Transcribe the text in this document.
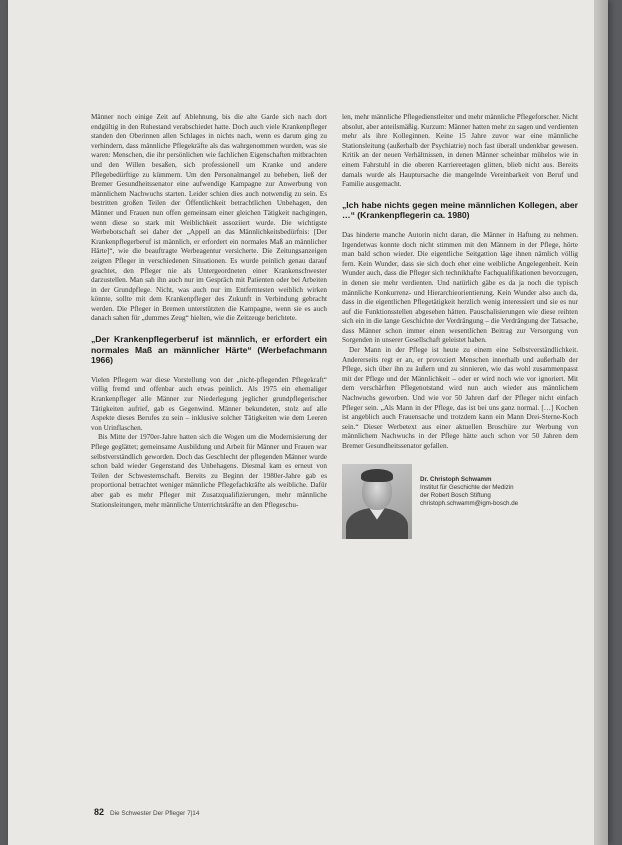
Männer noch einige Zeit auf Ablehnung, bis die alte Garde sich nach dort endgültig in den Ruhestand verabschiedet hatte. Doch auch viele Krankenpfleger standen den Oberinnen allen Schlages in nichts nach, wenn es darum ging zu verhindern, dass männliche Pflegekräfte als das wahrgenommen wurden, was sie waren: Menschen, die ihr persönlichen wie fachlichen Eigenschaften mitbrachten und den Willen besaßen, sich professionell um Kranke und andere Pflegebedürftige zu kümmern. Um den Personalmangel zu beheben, ließ der Bremer Gesundheitssenator eine aufwendige Kampagne zur Anwerbung von männlichem Nachwuchs starten. Leider schien dies auch notwendig zu sein. Es bestritten großen Teilen der Öffentlichkeit betrachtlichen Unbehagen, den Männer und Frauen nun offen gemeinsam einer gleichen Tätigkeit nachgingen, wenn diese so stark mit Weiblichkeit assoziiert wurde. Die wichtigste Werbebotschaft sei daher der „Appell an das Männlichkeitsbedürfnis: [Der Krankenpflegerberuf ist männlich, er erfordert ein normales Maß an männlicher Härte]“, wie die beauftragte Werbeagentur versicherte. Die Zeitungsanzeigen zeigten Pfleger in verschiedenen Situationen. Es wurde peinlich genau darauf geachtet, den Pfleger nie als Untergeordneten einer Krankenschwester darzustellen. Man sah ihn auch nur im Gespräch mit Patienten oder bei Arbeiten in der Grundpflege. Nicht, was auch nur im Entferntesten weiblich wirken könnte, sollte mit dem Krankenpfleger des Zukunft in Verbindung gebracht werden. Die Pfleger in Bremen unterstützten die Kampagne, wenn sie es auch danach sahen für „dummes Zeug“ hielten, wie die Zeitzeuge berichtete.

„Der Krankenpflegerberuf ist männlich, er erfordert ein normales Maß an männlicher Härte“ (Werbefachmann 1966)

Vielen Pflegern war diese Vorstellung von der „nicht-pflegenden Pflegekraft“ völlig fremd und offenbar auch etwas peinlich. Als 1975 ein ehemaliger Krankenpfleger alle Männer zur Niederlegung jeglicher grundpflegerischer Tätigkeiten aufrief, gab es Gegenwind. Männer bekundeten, stolz auf alle Aspekte dieses Berufes zu sein – inklusive solcher Tätigkeiten wie dem Leeren von Urinflaschen.

Bis Mitte der 1970er-Jahre hatten sich die Wogen um die Modernisierung der Pflege geglättet; gemeinsame Ausbildung und Arbeit für Männer und Frauen war selbstverständlich geworden. Doch das Geschlecht der pflegenden Männer wurde schon bald wieder Gegenstand des Unbehagens. Diesmal kam es erneut von Teilen der Schwesternschaft. Bereits zu Beginn der 1980er-Jahre gab es proportional betrachtet weniger männliche Pflegefachkräfte als weibliche. Dafür aber gab es mehr Pfleger mit Zusatzqualifizierungen, mehr männliche Stationsleitungen, mehr männliche Unterrichtskräfte an den Pflegeschu-

len, mehr männliche Pflegedienstleiter und mehr männliche Pflegeforscher. Nicht absolut, aber anteilsmäßig. Kurzum: Männer hatten mehr zu sagen und verdienten mehr als ihre Kolleginnen. Keine 15 Jahre zuvor war eine männliche Stationsleitung (außerhalb der Psychiatrie) noch fast überall undenkbar gewesen. Kritik an der neuen Verhältnissen, in denen Männer scheinbar mühelos wie in einem Fahrstuhl in die oberen Karriereetagen glitten, blieb nicht aus. Bereits damals wurde als Hauptursache die mangelnde Vereinbarkeit von Beruf und Familie ausgemacht.

„Ich habe nichts gegen meine männlichen Kollegen, aber …“ (Krankenpflegerin ca. 1980)

Das hinderte manche Autorin nicht daran, die Männer in Haftung zu nehmen. Irgendetwas konnte doch nicht stimmen mit den Männern in der Pflege, hörte man bald schon wieder. Die eigentliche Seitgattion läge ihnen nämlich völlig fern. Kein Wunder, dass sie sich doch eher eine weibliche Angelegenheit. Kein Wunder auch, dass die Pfleger sich technikhafte Fachqualifikationen bevorzugen, in denen sie mehr verdienten. Und natürlich gäbe es da ja noch die typisch männliche Konkurrenz- und Hierarchieorientierung. Kein Wunder also auch da, dass in die eigentlichen Pflegetätigkeit herzlich wenig interessiert und sie es nur auf die Funktionsstellen abgesehen hätten. Pauschalisierungen wie diese reihten sich ein in die lange Geschichte der Verdrängung – die Verdrängung der Tatsache, dass Männer schon immer einen wesentlichen Beitrag zur Versorgung von Sorgenden in unserer Gesellschaft geleistet haben.

Der Mann in der Pflege ist heute zu einem eine Selbstverständlichkeit. Andererseits regt er an, er provoziert Menschen innerhalb und außerhalb der Pflege, sich über ihn zu äußern und zu sinnieren, wie das wohl zusammenpasst mit der Pflege und der Männlichkeit – oder er wird noch wie vor ignoriert. Mit dem verschärften Pflegenotstand wird nun auch wieder aus männlichem Nachwuchs geworben. Und wie vor 50 Jahren darf der Pfleger nicht einfach Pfleger sein. „Als Mann in der Pflege, das ist bei uns ganz normal. […] Kochen ist angeblich auch Frauensache und trotzdem kann ein Mann Drei-Sterne-Koch sein.“ Dieser Werbetext aus einer aktuellen Broschüre zur Werbung von männlichem Nachwuchs in der Pflege hätte auch schon vor 50 Jahren dem Bremer Gesundheitssenator gefallen.

Dr. Christoph Schwamm
Institut für Geschichte der Medizin
der Robert Bosch Stiftung
christoph.schwamm@igm-bosch.de
82 Die Schwester Der Pfleger 7|14
